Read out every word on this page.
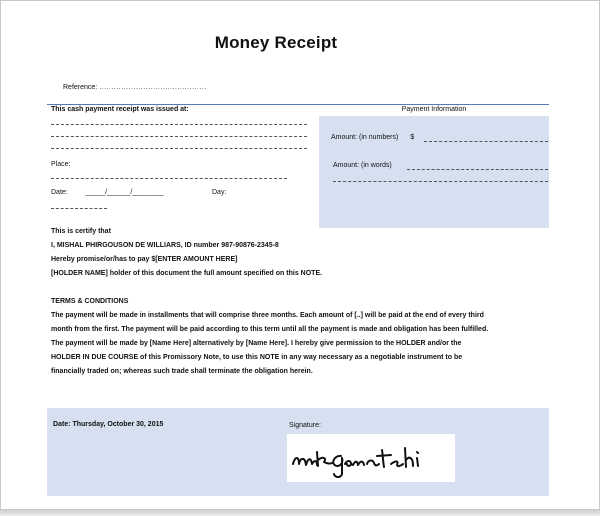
Money Receipt
Reference: ............................................
This cash payment receipt was issued at:
Place:
Date:	_____/______/________	Day:
Payment Information
Amount: (in numbers) $
Amount: (in words)
This is certify that
I, MISHAL PHIRGOUSON DE WILLIARS, ID number 987-90876-2345-8
Hereby promise/or/has to pay $[ENTER AMOUNT HERE]
[HOLDER NAME] holder of this document the full amount specified on this NOTE.
TERMS & CONDITIONS
The payment will be made in installments that will comprise three months. Each amount of [..] will be paid at the end of every third
month from the first. The payment will be paid according to this term until all the payment is made and obligation has been fulfilled.
The payment will be made by [Name Here] alternatively by [Name Here]. I hereby give permission to the HOLDER and/or the
HOLDER IN DUE COURSE of this Promissory Note, to use this NOTE in any way necessary as a negotiable instrument to be
financially traded on; whereas such trade shall terminate the obligation herein.
Date: Thursday, October 30, 2015	Signature:
